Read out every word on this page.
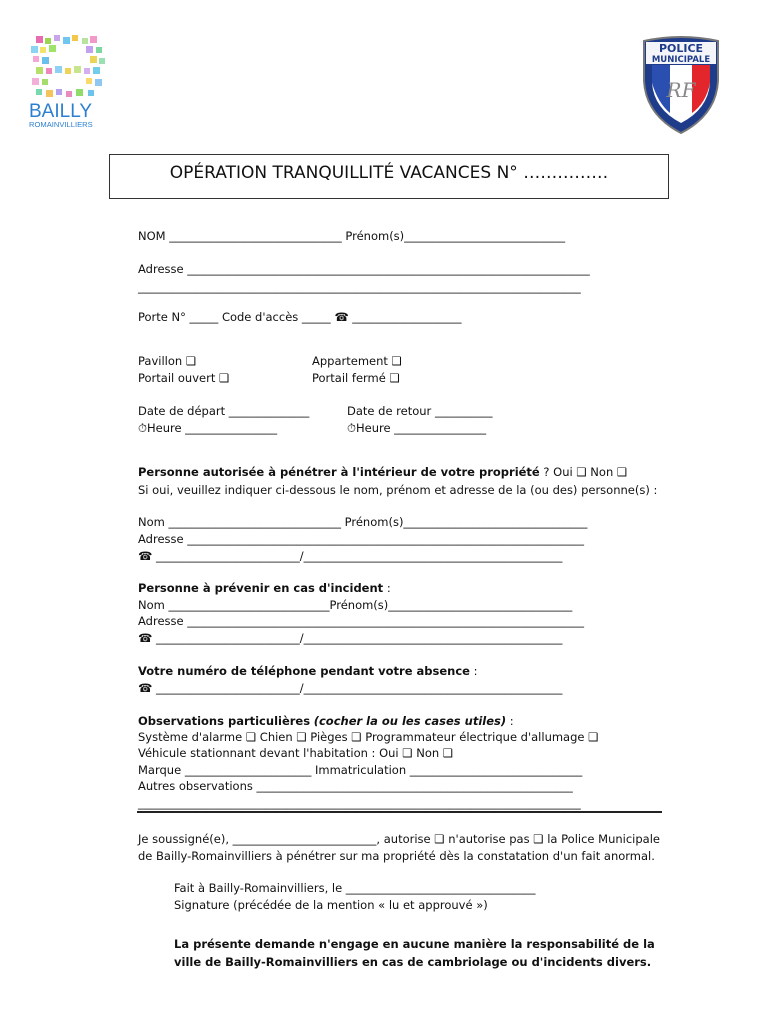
BAILLY
ROMAINVILLIERS
POLICE
MUNICIPALE
RF
OPÉRATION TRANQUILLITÉ VACANCES N° ……………
NOM ______________________________ Prénom(s)____________________________
Adresse ______________________________________________________________________
_____________________________________________________________________________
Porte N° _____ Code d'accès _____ ☎ ___________________
Pavillon ❑	Appartement ❑
Portail ouvert ❑	Portail fermé ❑
Date de départ ______________	Date de retour __________
⏱Heure ________________	⏱Heure ________________
Personne autorisée à pénétrer à l'intérieur de votre propriété ? Oui ❑ Non ❑
Si oui, veuillez indiquer ci-dessous le nom, prénom et adresse de la (ou des) personne(s) :
Nom ______________________________ Prénom(s)________________________________
Adresse _____________________________________________________________________
☎ _________________________/_____________________________________________
Personne à prévenir en cas d'incident :
Nom ____________________________Prénom(s)________________________________
Adresse _____________________________________________________________________
☎ _________________________/_____________________________________________
Votre numéro de téléphone pendant votre absence :
☎ _________________________/_____________________________________________
Observations particulières (cocher la ou les cases utiles) :
Système d'alarme ❑ Chien ❑ Pièges ❑ Programmateur électrique d'allumage ❑
Véhicule stationnant devant l'habitation : Oui ❑ Non ❑
Marque ______________________ Immatriculation ______________________________
Autres observations _______________________________________________________
_____________________________________________________________________________
Je soussigné(e), _________________________, autorise ❑ n'autorise pas ❑ la Police Municipale de Bailly-Romainvilliers à pénétrer sur ma propriété dès la constatation d'un fait anormal.
Fait à Bailly-Romainvilliers, le _________________________________
Signature (précédée de la mention « lu et approuvé »)
La présente demande n'engage en aucune manière la responsabilité de la
ville de Bailly-Romainvilliers en cas de cambriolage ou d'incidents divers.
